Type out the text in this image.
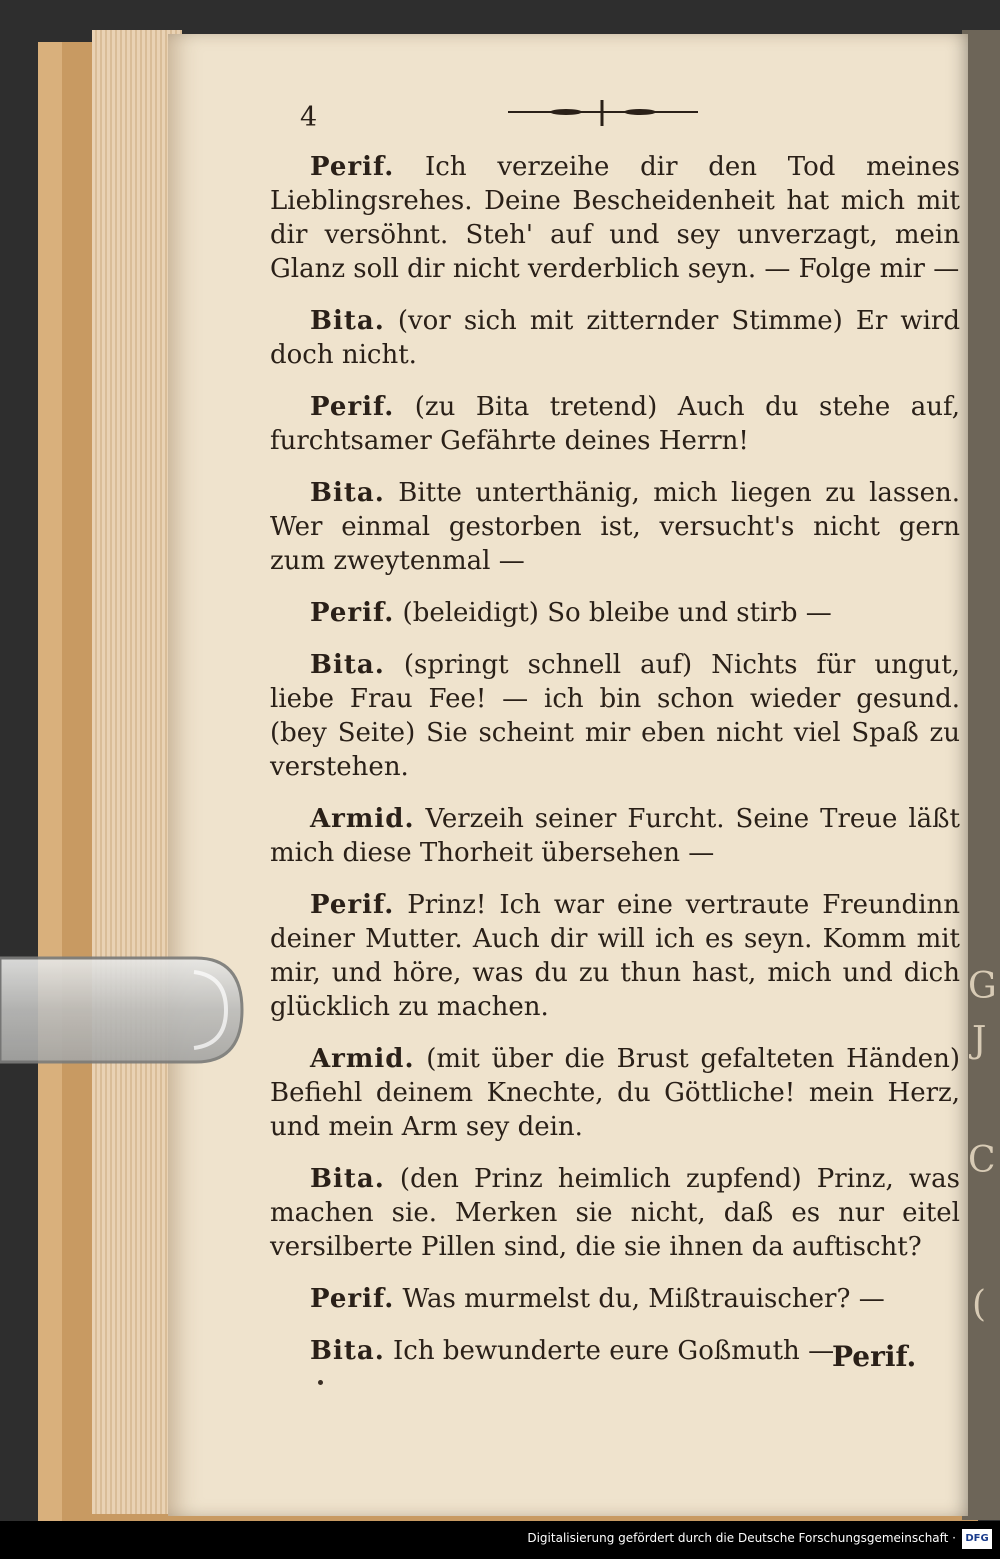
G
J
C
(
4

Perif. Ich verzeihe dir den Tod meines Lieblingsrehes. Deine Bescheidenheit hat mich mit dir versöhnt. Steh' auf und sey unverzagt, mein Glanz soll dir nicht verderblich seyn. — Folge mir —

Bita. (vor sich mit zitternder Stimme) Er wird doch nicht.

Perif. (zu Bita tretend) Auch du stehe auf, furchtsamer Gefährte deines Herrn!

Bita. Bitte unterthänig, mich liegen zu lassen. Wer einmal gestorben ist, versucht's nicht gern zum zweytenmal —

Perif. (beleidigt) So bleibe und stirb —

Bita. (springt schnell auf) Nichts für ungut, liebe Frau Fee! — ich bin schon wieder gesund. (bey Seite) Sie scheint mir eben nicht viel Spaß zu verstehen.

Armid. Verzeih seiner Furcht. Seine Treue läßt mich diese Thorheit übersehen —

Perif. Prinz! Ich war eine vertraute Freundinn deiner Mutter. Auch dir will ich es seyn. Komm mit mir, und höre, was du zu thun hast, mich und dich glücklich zu machen.

Armid. (mit über die Brust gefalteten Händen) Befiehl deinem Knechte, du Göttliche! mein Herz, und mein Arm sey dein.

Bita. (den Prinz heimlich zupfend) Prinz, was machen sie. Merken sie nicht, daß es nur eitel versilberte Pillen sind, die sie ihnen da auftischt?

Perif. Was murmelst du, Mißtrauischer? —

Bita. Ich bewunderte eure Goßmuth —

Perif.
Digitalisierung gefördert durch die Deutsche Forschungsgemeinschaft · DFG
